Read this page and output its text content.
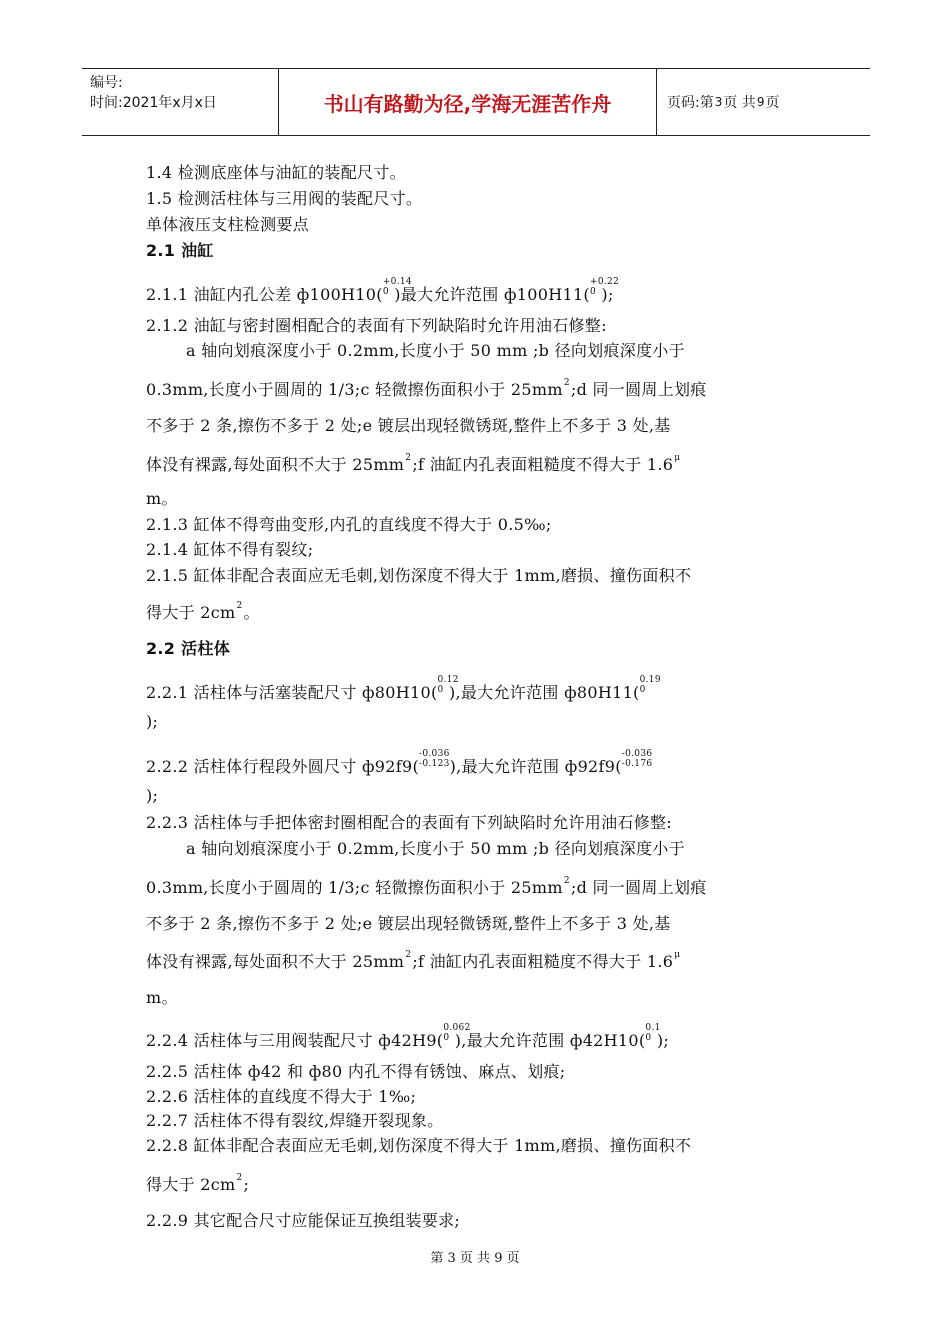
编号:
时间:2021年x月x日	书山有路勤为径,学海无涯苦作舟	页码:第 3 页 共 9 页
1.4 检测底座体与油缸的装配尺寸。
1.5 检测活柱体与三用阀的装配尺寸。
单体液压支柱检测要点
2.1 油缸
2.1.1 油缸内孔公差 ф100H10(
+0.14
0 )最大允许范围 ф100H11(
+0.22
0 );
2.1.2 油缸与密封圈相配合的表面有下列缺陷时允许用油石修整:
a 轴向划痕深度小于 0.2mm,长度小于 50 mm ;b 径向划痕深度小于
0.3mm,长度小于圆周的 1/3;c 轻微擦伤面积小于 $25mm^2;d$ 同一圆周上划痕
不多于 2 条,擦伤不多于 2 处;e 镀层出现轻微锈斑,整件上不多于 3 处,基
体没有裸露,每处面积不大于 $25mm^2;f$ 油缸内孔表面粗糙度不得大于 $1.6^\mu$
m。
2.1.3 缸体不得弯曲变形,内孔的直线度不得大于 0.5‰;
2.1.4 缸体不得有裂纹;
2.1.5 缸体非配合表面应无毛刺,划伤深度不得大于 1mm,磨损、撞伤面积不
得大于 $2cm^2$。
2.2 活柱体
2.2.1 活柱体与活塞装配尺寸 ф80H10(
0.12
0 ),最大允许范围 ф80H11(
0.19
0
);
2.2.2 活柱体行程段外圆尺寸 ф92f9(
-0.036
-0.123),最大允许范围 ф92f9(
-0.036
-0.176
);
2.2.3 活柱体与手把体密封圈相配合的表面有下列缺陷时允许用油石修整:
a 轴向划痕深度小于 0.2mm,长度小于 50 mm ;b 径向划痕深度小于
0.3mm,长度小于圆周的 1/3;c 轻微擦伤面积小于 $25mm^2;d$ 同一圆周上划痕
不多于 2 条,擦伤不多于 2 处;e 镀层出现轻微锈斑,整件上不多于 3 处,基
体没有裸露,每处面积不大于 $25mm^2;f$ 油缸内孔表面粗糙度不得大于 $1.6^\mu$
m。
2.2.4 活柱体与三用阀装配尺寸 ф42H9(
0.062
0 ),最大允许范围 ф42H10(
0.1
0 );
2.2.5 活柱体 ф42 和 ф80 内孔不得有锈蚀、麻点、划痕;
2.2.6 活柱体的直线度不得大于 1‰;
2.2.7 活柱体不得有裂纹,焊缝开裂现象。
2.2.8 缸体非配合表面应无毛刺,划伤深度不得大于 1mm,磨损、撞伤面积不
得大于 $2cm^2$;
2.2.9 其它配合尺寸应能保证互换组装要求;
第 3 页 共 9 页
